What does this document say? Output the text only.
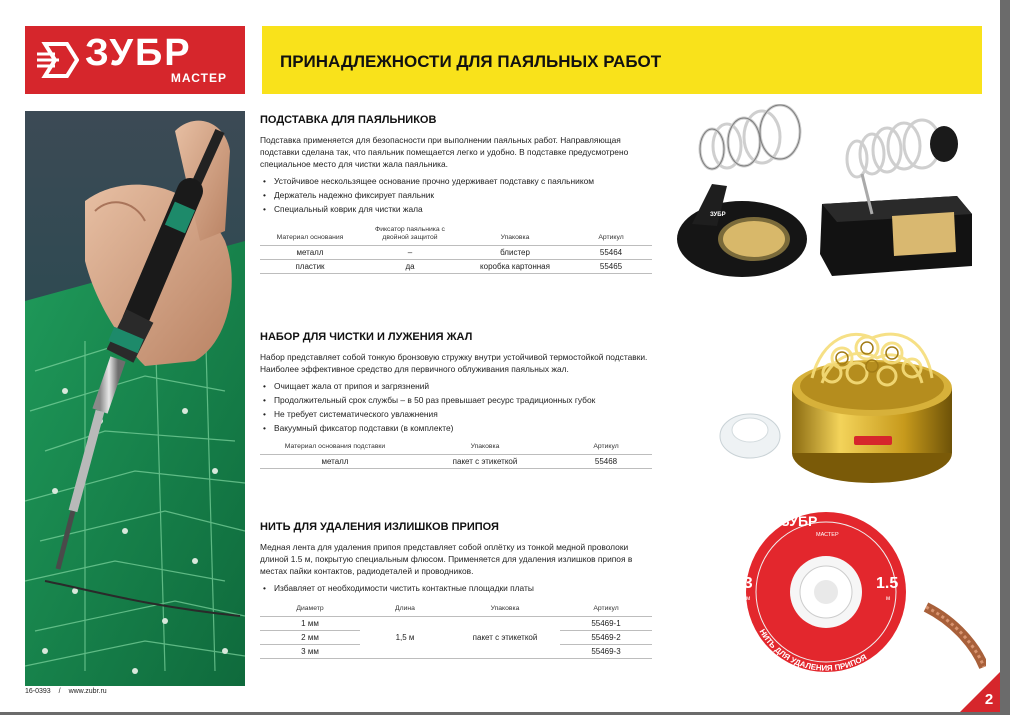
ЗУБР
МАСТЕР
ПРИНАДЛЕЖНОСТИ ДЛЯ ПАЯЛЬНЫХ РАБОТ
ПОДСТАВКА ДЛЯ ПАЯЛЬНИКОВ

Подставка применяется для безопасности при выполнении паяльных работ. Направляющая подставки сделана так, что паяльник помещается легко и удобно. В подставке предусмотрено специальное место для чистки жала паяльника.

• Устойчивое нескользящее основание прочно удерживает подставку с паяльником
• Держатель надежно фиксирует паяльник
• Специальный коврик для чистки жала
Материал основания	Фиксатор паяльника с двойной защитой	Упаковка	Артикул
металл	–	блистер	55464
пластик	да	коробка картонная	55465
НАБОР ДЛЯ ЧИСТКИ И ЛУЖЕНИЯ ЖАЛ

Набор представляет собой тонкую бронзовую стружку внутри устойчивой термостойкой подставки. Наиболее эффективное средство для первичного облуживания паяльных жал.

• Очищает жала от припоя и загрязнений
• Продолжительный срок службы – в 50 раз превышает ресурс традиционных губок
• Не требует систематического увлажнения
• Вакуумный фиксатор подставки (в комплекте)
Материал основания подставки	Упаковка	Артикул
металл	пакет с этикеткой	55468
НИТЬ ДЛЯ УДАЛЕНИЯ ИЗЛИШКОВ ПРИПОЯ

Медная лента для удаления припоя представляет собой оплётку из тонкой медной проволоки длиной 1.5 м, покрытую специальным флюсом. Применяется для удаления излишков припоя в местах пайки контактов, радиодеталей и проводников.

• Избавляет от необходимости чистить контактные площадки платы
Диаметр	Длина	Упаковка	Артикул
1 мм	1,5 м	пакет с этикеткой	55469-1
2 мм			55469-2
3 мм			55469-3
ЗУБР
ЗУБР
МАСТЕР
ø3
мм
1.5
м
НИТЬ ДЛЯ УДАЛЕНИЯ ПРИПОЯ
16-0393 / www.zubr.ru	2
